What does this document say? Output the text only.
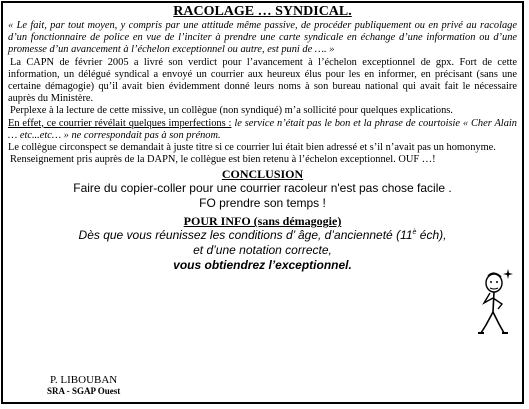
RACOLAGE … SYNDICAL.

« Le fait, par tout moyen, y compris par une attitude même passive, de procéder publiquement ou en privé au racolage d’un fonctionnaire de police en vue de l’inciter à prendre une carte syndicale en échange d’une information ou d’une promesse d’un avancement à l’échelon exceptionnel ou autre, est puni de …. »

La CAPN de février 2005 a livré son verdict pour l’avancement à l’échelon exceptionnel de gpx. Fort de cette information, un délégué syndical a envoyé un courrier aux heureux élus pour les en informer, en précisant (sans une certaine démagogie) qu’il avait bien évidemment donné leurs noms à son bureau national qui avait fait le nécessaire auprès du Ministère.

Perplexe à la lecture de cette missive, un collègue (non syndiqué) m’a sollicité pour quelques explications.

En effet, ce courrier révélait quelques imperfections : le service n’était pas le bon et la phrase de courtoisie « Cher Alain … etc...etc… » ne correspondait pas à son prénom.

Le collègue circonspect se demandait à juste titre si ce courrier lui était bien adressé et s’il n’avait pas un homonyme.

Renseignement pris auprès de la DAPN, le collègue est bien retenu à l’échelon exceptionnel. OUF …!

CONCLUSION
Faire du copier-coller pour une courrier racoleur n'est pas chose facile .
FO prendre son temps !
POUR INFO (sans démagogie)
Dès que vous réunissez les conditions d’ âge, d’ancienneté ($11^è$ éch),
et d’une notation correcte,
vous obtiendrez l’exceptionnel.
P. LIBOUBAN
SRA - SGAP Ouest
